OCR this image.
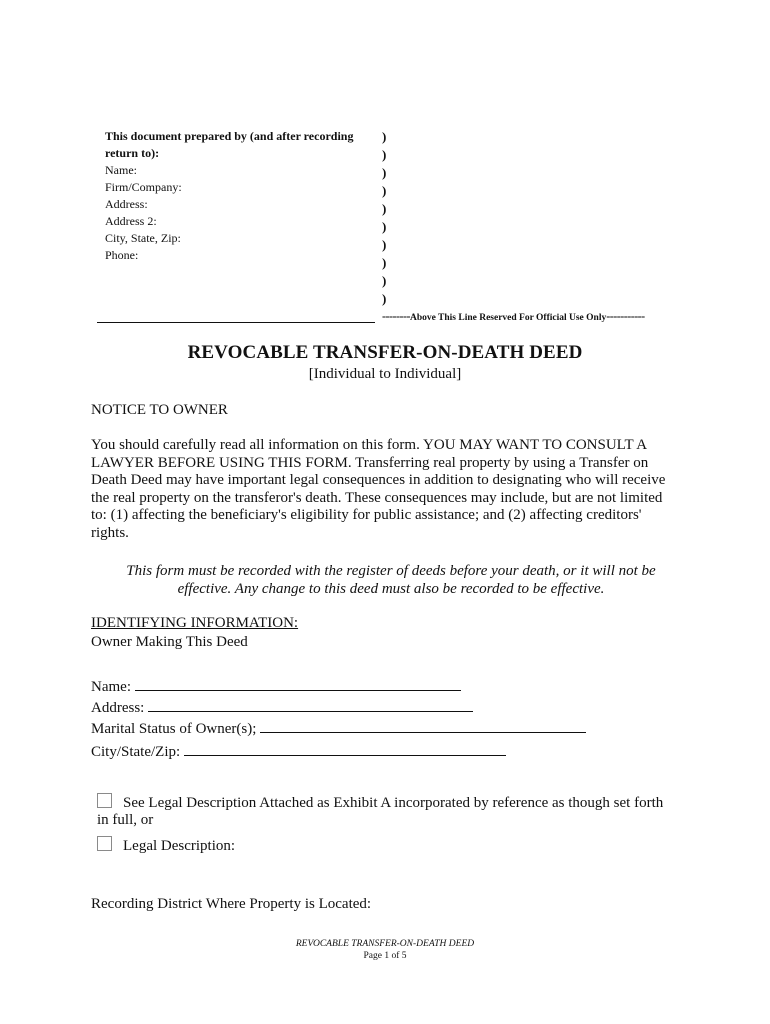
This document prepared by (and after recording
return to):
Name:
Firm/Company:
Address:
Address 2:
City, State, Zip:
Phone:
)
)
)
)
)
)
)
)
)
)
--------Above This Line Reserved For Official Use Only-----------
REVOCABLE TRANSFER-ON-DEATH DEED
[Individual to Individual]
NOTICE TO OWNER
You should carefully read all information on this form. YOU MAY WANT TO CONSULT A
LAWYER BEFORE USING THIS FORM. Transferring real property by using a Transfer on
Death Deed may have important legal consequences in addition to designating who will receive
the real property on the transferor's death. These consequences may include, but are not limited
to: (1) affecting the beneficiary's eligibility for public assistance; and (2) affecting creditors'
rights.
This form must be recorded with the register of deeds before your death, or it will not be
effective. Any change to this deed must also be recorded to be effective.
IDENTIFYING INFORMATION:
Owner Making This Deed
Name:
Address:
Marital Status of Owner(s);
City/State/Zip:
See Legal Description Attached as Exhibit A incorporated by reference as though set forth
in full, or
Legal Description:
Recording District Where Property is Located:
REVOCABLE TRANSFER-ON-DEATH DEED
Page 1 of 5
